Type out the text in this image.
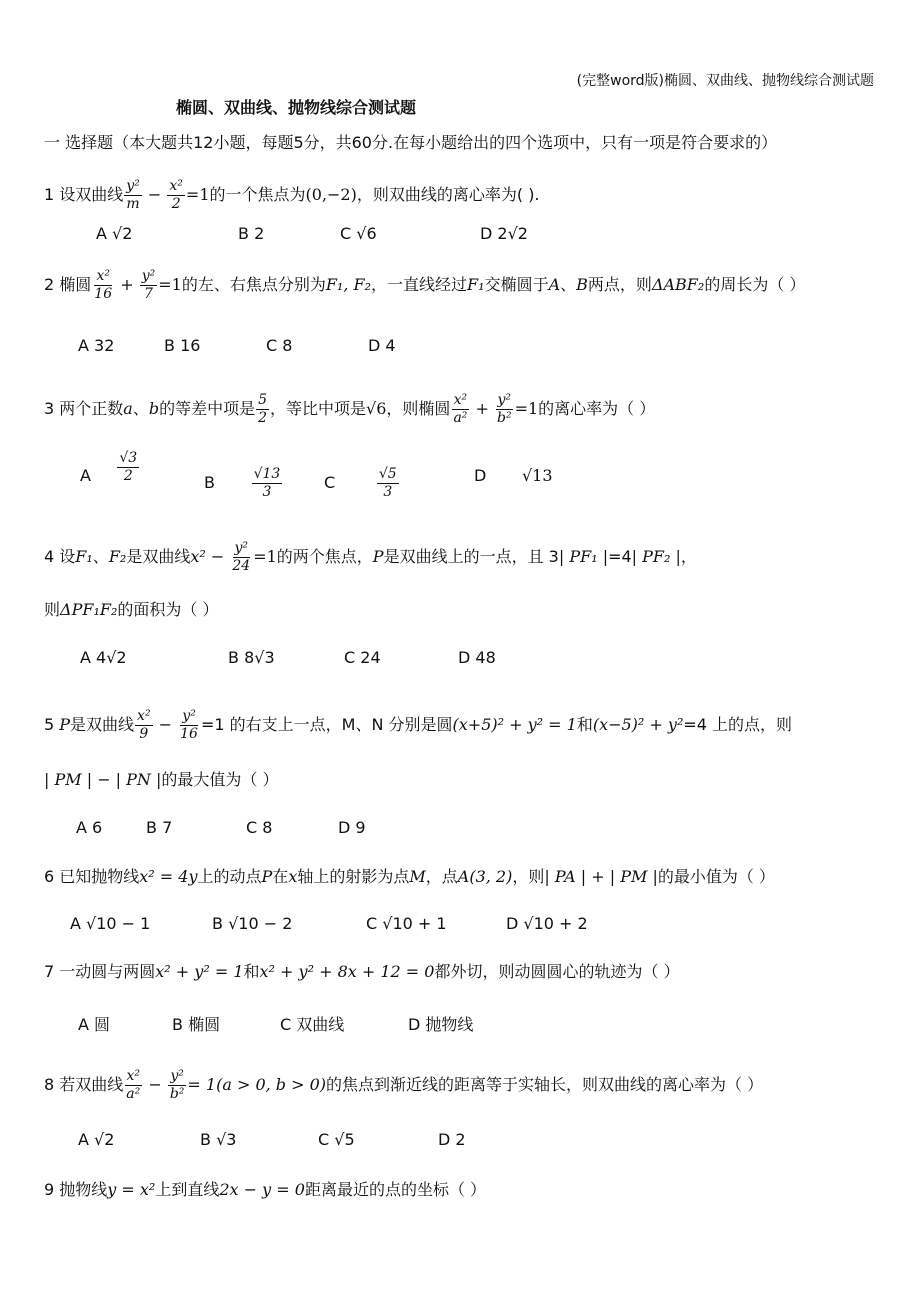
(完整word版)椭圆、双曲线、抛物线综合测试题
椭圆、双曲线、抛物线综合测试题
一 选择题（本大题共12小题，每题5分，共60分.在每小题给出的四个选项中，只有一项是符合要求的）
1 设双曲线 $\frac{\text{y²}}{m} - \frac{\text{x²}}{2} =1$的一个焦点为(0,−2)，则双曲线的离心率为( ).
A √2	B 2	C √6	D 2√2
2 椭圆 $\frac{\text{x²}}{16} + \frac{\text{y²}}{7} =1$的左、右焦点分别为F₁, F₂，一直线经过F₁交椭圆于A、B两点，则ΔABF₂的周长为（ ）
A 32	B 16	C 8	D 4
3 两个正数a、b的等差中项是 $\frac{5}{2}$ ，等比中项是√6，则椭圆 $\frac{\text{x²}}{\text{a²}} + \frac{\text{y²}}{\text{b²}} =1$的离心率为（ ）
A $\frac{√3}{2}$	B	$\frac{√13}{3}$	C	$\frac{√5}{3}$	D √13
4 设F₁、F₂是双曲线$x^2 - \frac{\text{y²}}{24} =1$的两个焦点，P是双曲线上的一点，且 3| PF₁ |=4| PF₂ |，
则ΔPF₁F₂的面积为（ ）
A 4√2	B 8√3	C 24	D 48
5 P是双曲线 $\frac{\text{x²}}{9} - \frac{\text{y²}}{16} =1$ 的右支上一点，M、N 分别是圆(x+5)² + y² = 1和(x−5)² + y²=4 上的点，则
| PM | − | PN |的最大值为（ ）
A 6	B 7	C 8	D 9
6 已知抛物线x² = 4y上的动点P在x轴上的射影为点M，点A(3, 2)，则| PA | + | PM |的最小值为（ ）
A √10 − 1	B √10 − 2	C √10 + 1	D √10 + 2
7 一动圆与两圆x² + y² = 1和x² + y² + 8x + 12 = 0都外切，则动圆圆心的轨迹为（ ）
A 圆	B 椭圆	C 双曲线	D 抛物线
8 若双曲线 $\frac{\text{x²}}{\text{a²}} - \frac{\text{y²}}{\text{b²}} = 1(a > 0$, b > 0)的焦点到渐近线的距离等于实轴长，则双曲线的离心率为（ ）
A √2	B √3	C √5	D 2
9 抛物线y = x²上到直线2x − y = 0距离最近的点的坐标（ ）
